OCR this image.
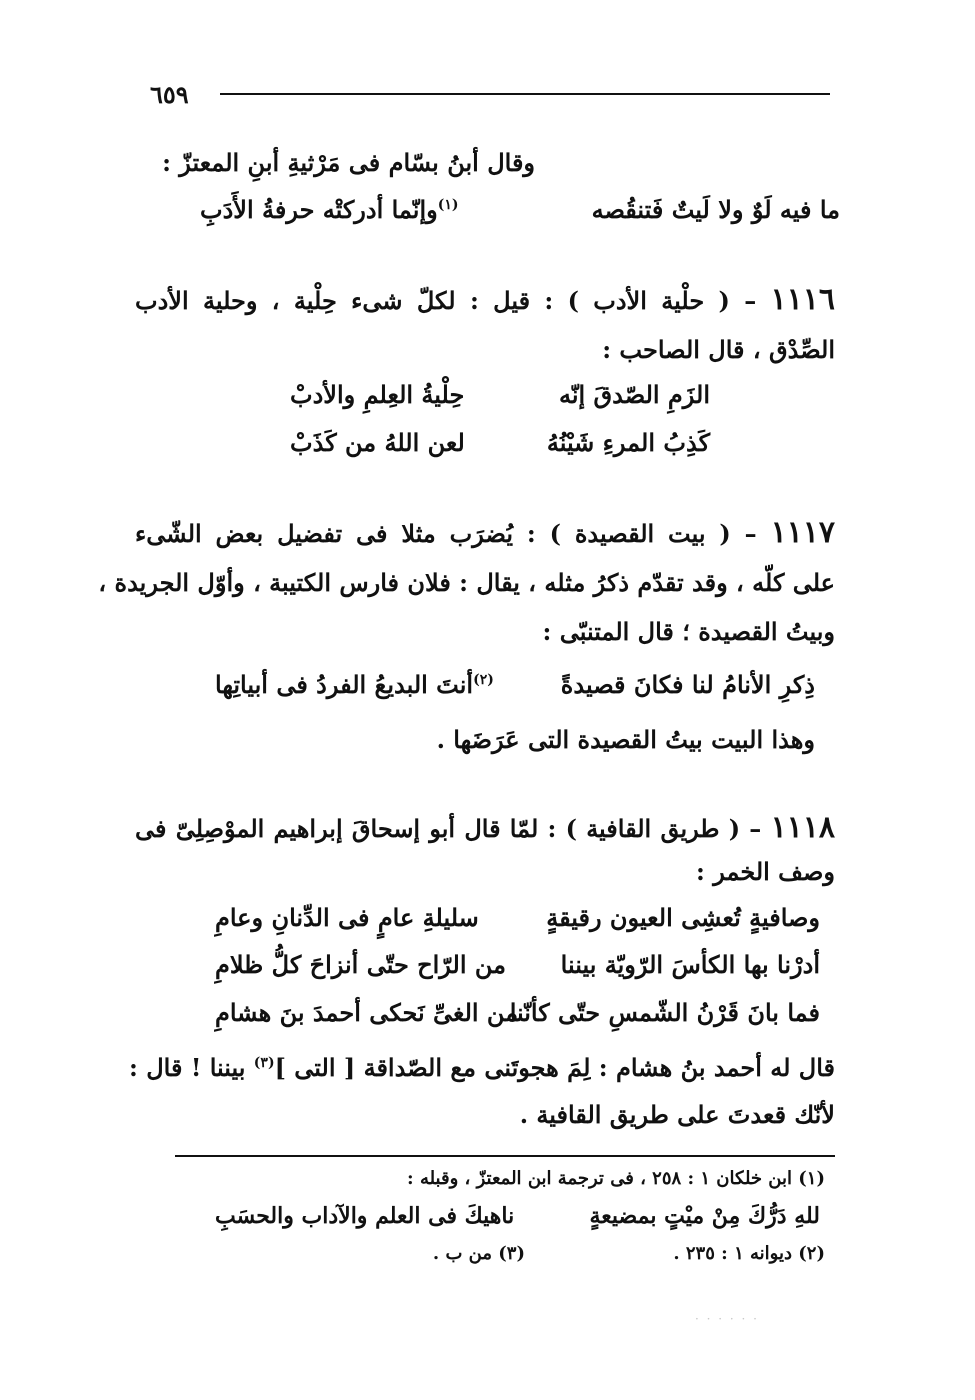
٦٥٩
وقال أبنُ بسّام فى مَرْثيةِ أبنِ المعتزّ :
ما فيه لَوٌ ولا لَيتٌ فَتنقُصه
$^{(١)}$وإنّما أدركتْه حرفةُ الأَدَبِ
١١١٦ – ( حلْية الأدب ) : قيل : لكلّ شىء حِلْية ، وحلية الأدب
الصِّدْق ، قال الصاحب :
الزَمِ الصّدقَ إنّه
حِلْيةُ العِلمِ والأدبْ
كَذِبُ المرءِ شَيْنُهُ
لعن اللهُ من كَذَبْ
١١١٧ – ( بيت القصيدة ) : يُضرَب مثلا فى تفضيل بعض الشّىء
على كلّه ، وقد تقدّم ذكرُ مثله ، يقال : فلان فارس الكتيبة ، وأوّل الجريدة ،
وبيتُ القصيدة ؛ قال المتنبّى :
ذِكرِ الأنامُ لنا فكانَ قصيدةً
$^{(٢)}$أنتَ البديعُ الفردُ فى أبياتِها
وهذا البيت بيتُ القصيدة التى عَرَضَها .
١١١٨ – ( طريق القافية ) : لمّا قال أبو إسحاقَ إبراهيم الموْصِلِىّ فى
وصف الخمر :
وصافيةٍ تُعشِى العيون رقيقةٍ
سليلةِ عامٍ فى الدِّنانِ وعامِ
أدرْنا بها الكأسَ الرّويّة بيننا
من الرّاح حتّى أنزاحَ كلُّ ظلامِ
فما بانَ قَرْنُ الشّمسِ حتّى كأنّنا
من الغىِّ نَحكى أحمدَ بنَ هشامِ
قال له أحمد بنُ هشام : لِمَ هجوتَنى مع الصّداقة [ التى ]$^{(٣)}$ بيننا ! قال :
لأنّك قعدتَ على طريق القافية .
(١) ابن خلكان ١ : ٢٥٨ ، فى ترجمة ابن المعتزّ ، وقبله :
للهِ دَرُّكَ مِنْ ميْتٍ بمضيعةٍ
ناهيكَ فى العلم والآداب والحسَبِ
(٢) ديوانه ١ : ٢٣٥ .
(٣) من ب .
· · · · · ·
